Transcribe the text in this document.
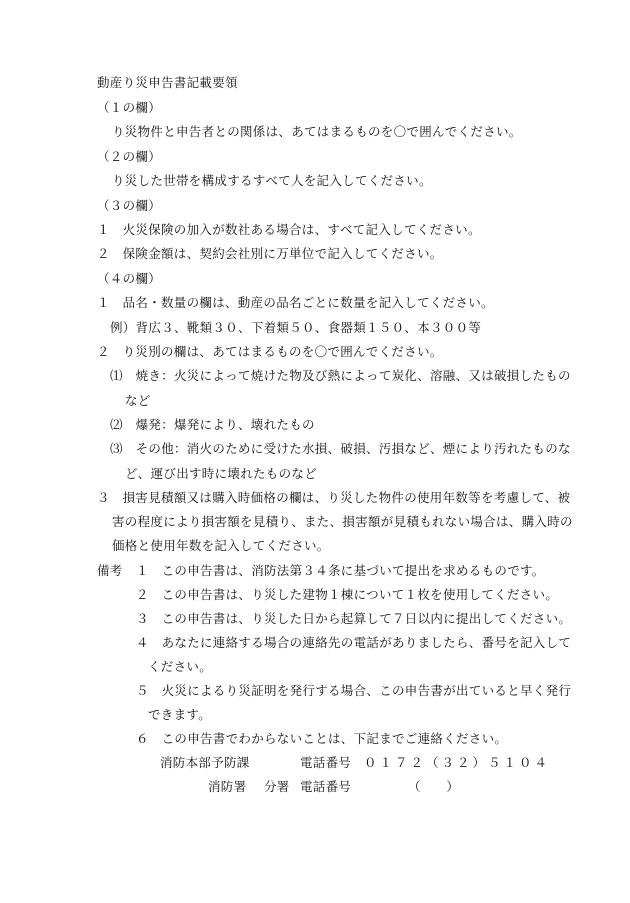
動産り災申告書記載要領
（１の欄）
り災物件と申告者との関係は、あてはまるものを〇で囲んでください。
（２の欄）
り災した世帯を構成するすべて人を記入してください。
（３の欄）
１　火災保険の加入が数社ある場合は、すべて記入してください。
２　保険金額は、契約会社別に万単位で記入してください。
（４の欄）
１　品名・数量の欄は、動産の品名ごとに数量を記入してください。
例）背広３、靴類３０、下着類５０、食器類１５０、本３００等
２　り災別の欄は、あてはまるものを〇で囲んでください。
⑴　焼き：火災によって焼けた物及び熱によって炭化、溶融、又は破損したもの
など
⑵　爆発：爆発により、壊れたもの
⑶　その他：消火のために受けた水損、破損、汚損など、煙により汚れたものな
ど、運び出す時に壊れたものなど
３　損害見積額又は購入時価格の欄は、り災した物件の使用年数等を考慮して、被
害の程度により損害額を見積り、また、損害額が見積もれない場合は、購入時の
価格と使用年数を記入してください。
備考 １　この申告書は、消防法第３４条に基づいて提出を求めるものです。
２　この申告書は、り災した建物１棟について１枚を使用してください。
３　この申告書は、り災した日から起算して７日以内に提出してください。
４　あなたに連絡する場合の連絡先の電話がありましたら、番号を記入して
ください。
５　火災によるり災証明を発行する場合、この申告書が出ていると早く発行
できます。
６　この申告書でわからないことは、下記までご連絡ください。
消防本部予防課	電話番号 ０１７２（３２）５１０４
消防署 分署 電話番号	（　　）
